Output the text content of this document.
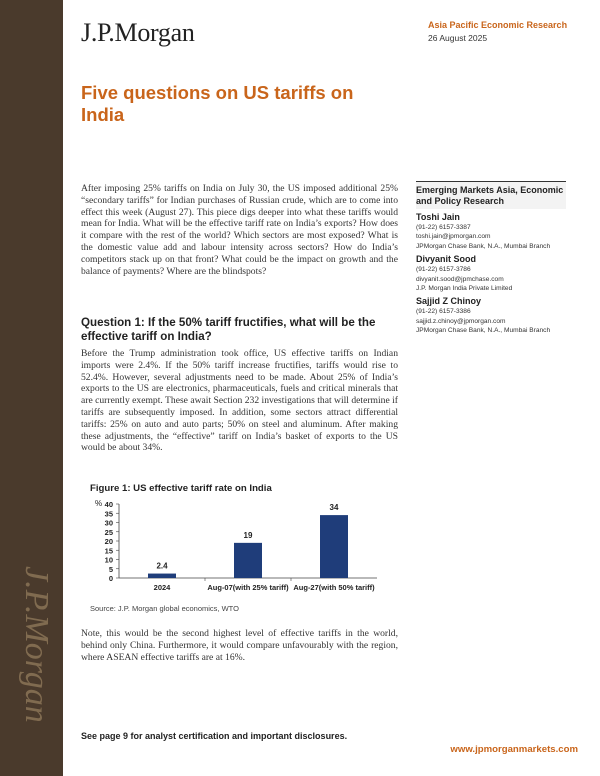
J.P.Morgan
J.P.Morgan	Asia Pacific Economic Research
26 August 2025
Five questions on US tariffs on India
After imposing 25% tariffs on India on July 30, the US imposed additional 25% “secondary tariffs” for Indian purchases of Russian crude, which are to come into effect this week (August 27). This piece digs deeper into what these tariffs would mean for India. What will be the effective tariff rate on India’s exports? How does it compare with the rest of the world? Which sectors are most exposed? What is the domestic value add and labour intensity across sectors? How do India’s competitors stack up on that front? What could be the impact on growth and the balance of payments? Where are the blindspots?
Question 1: If the 50% tariff fructifies, what will be the effective tariff on India?
Before the Trump administration took office, US effective tariffs on Indian imports were 2.4%. If the 50% tariff increase fructifies, tariffs would rise to 52.4%. However, several adjustments need to be made. About 25% of India’s exports to the US are electronics, pharmaceuticals, fuels and critical minerals that are currently exempt. These await Section 232 investigations that will determine if tariffs are subsequently imposed. In addition, some sectors attract differential tariffs: 25% on auto and auto parts; 50% on steel and aluminum. After making these adjustments, the “effective” tariff on India’s basket of exports to the US would be about 34%.
Figure 1: US effective tariff rate on India
%
0
5
10
15
20
25
30
35
40
2.4
2024
19
Aug-07(with 25% tariff)
34
Aug-27(with 50% tariff)
Source: J.P. Morgan global economics, WTO
Note, this would be the second highest level of effective tariffs in the world, behind only China. Furthermore, it would compare unfavourably with the region, where ASEAN effective tariffs are at 16%.
Emerging Markets Asia, Economic and Policy Research
Toshi Jain
(91-22) 6157-3387
toshi.jain@jpmorgan.com
JPMorgan Chase Bank, N.A., Mumbai Branch
Divyanit Sood
(91-22) 6157-3786
divyanit.sood@jpmchase.com
J.P. Morgan India Private Limited
Sajjid Z Chinoy
(91-22) 6157-3386
sajjid.z.chinoy@jpmorgan.com
JPMorgan Chase Bank, N.A., Mumbai Branch
See page 9 for analyst certification and important disclosures.
www.jpmorganmarkets.com
